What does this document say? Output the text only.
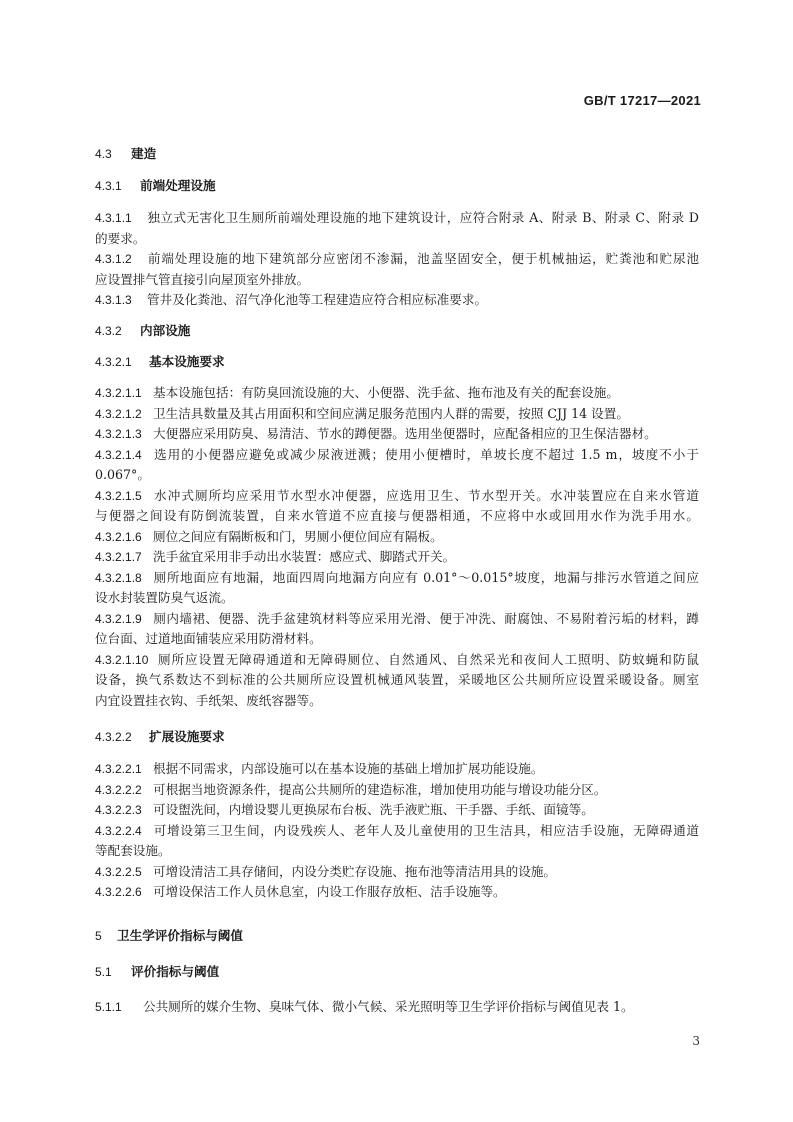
GB/T 17217—2021
4.3 建造
4.3.1 前端处理设施
4.3.1.1 独立式无害化卫生厕所前端处理设施的地下建筑设计，应符合附录 A、附录 B、附录 C、附录 D
的要求。
4.3.1.2 前端处理设施的地下建筑部分应密闭不渗漏，池盖坚固安全，便于机械抽运，贮粪池和贮尿池
应设置排气管直接引向屋顶室外排放。
4.3.1.3 管井及化粪池、沼气净化池等工程建造应符合相应标准要求。
4.3.2 内部设施
4.3.2.1 基本设施要求
4.3.2.1.1 基本设施包括：有防臭回流设施的大、小便器、洗手盆、拖布池及有关的配套设施。
4.3.2.1.2 卫生洁具数量及其占用面积和空间应满足服务范围内人群的需要，按照 CJJ 14 设置。
4.3.2.1.3 大便器应采用防臭、易清洁、节水的蹲便器。选用坐便器时，应配备相应的卫生保洁器材。
4.3.2.1.4 选用的小便器应避免或减少尿液迸溅；使用小便槽时，单坡长度不超过 1.5 m，坡度不小于
0.067°。
4.3.2.1.5 水冲式厕所均应采用节水型水冲便器，应选用卫生、节水型开关。水冲装置应在自来水管道
与便器之间设有防倒流装置，自来水管道不应直接与便器相通，不应将中水或回用水作为洗手用水。
4.3.2.1.6 厕位之间应有隔断板和门，男厕小便位间应有隔板。
4.3.2.1.7 洗手盆宜采用非手动出水装置：感应式、脚踏式开关。
4.3.2.1.8 厕所地面应有地漏，地面四周向地漏方向应有 0.01°～0.015°坡度，地漏与排污水管道之间应
设水封装置防臭气返流。
4.3.2.1.9 厕内墙裙、便器、洗手盆建筑材料等应采用光滑、便于冲洗、耐腐蚀、不易附着污垢的材料，蹲
位台面、过道地面铺装应采用防滑材料。
4.3.2.1.10 厕所应设置无障碍通道和无障碍厕位、自然通风、自然采光和夜间人工照明、防蚊蝇和防鼠
设备，换气系数达不到标准的公共厕所应设置机械通风装置，采暖地区公共厕所应设置采暖设备。厕室
内宜设置挂衣钩、手纸架、废纸容器等。
4.3.2.2 扩展设施要求
4.3.2.2.1 根据不同需求，内部设施可以在基本设施的基础上增加扩展功能设施。
4.3.2.2.2 可根据当地资源条件，提高公共厕所的建造标准，增加使用功能与增设功能分区。
4.3.2.2.3 可设盥洗间，内增设婴儿更换尿布台板、洗手液贮瓶、干手器、手纸、面镜等。
4.3.2.2.4 可增设第三卫生间，内设残疾人、老年人及儿童使用的卫生洁具，相应洁手设施，无障碍通道
等配套设施。
4.3.2.2.5 可增设清洁工具存储间，内设分类贮存设施、拖布池等清洁用具的设施。
4.3.2.2.6 可增设保洁工作人员休息室，内设工作服存放柜、洁手设施等。
5 卫生学评价指标与阈值
5.1 评价指标与阈值
5.1.1 公共厕所的媒介生物、臭味气体、微小气候、采光照明等卫生学评价指标与阈值见表 1。
3
